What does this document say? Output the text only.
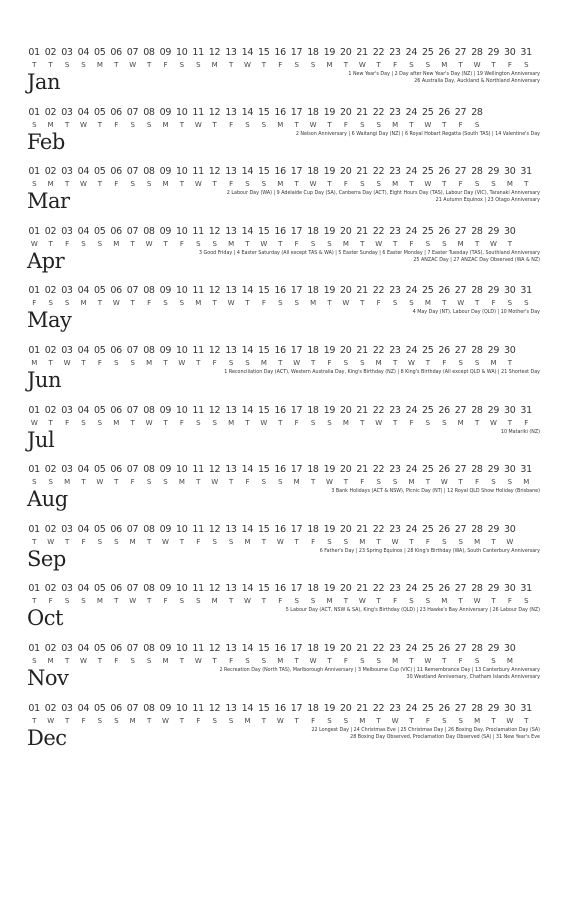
01 02 03 04 05 06 07 08 09 10 11 12 13 14 15 16 17 18 19 20 21 22 23 24 25 26 27 28 29 30 31
T	T	S	S	M	T	W	T	F	S	S	M	T	W	T	F	S	S	M	T	W	T	F	S	S	M	T	W	T	F	S
Jan	1 New Year's Day | 2 Day after New Year's Day (NZ) | 19 Wellington Anniversary
26 Australia Day, Auckland & Northland Anniversary
01 02 03 04 05 06 07 08 09 10 11 12 13 14 15 16 17 18 19 20 21 22 23 24 25 26 27 28
S	M	T	W	T	F	S	S	M	T	W	T	F	S	S	M	T	W	T	F	S	S	M	T	W	T	F	S
Feb	2 Nelson Anniversary | 6 Waitangi Day (NZ) | 6 Royal Hobart Regatta (South TAS) | 14 Valentine's Day
01 02 03 04 05 06 07 08 09 10 11 12 13 14 15 16 17 18 19 20 21 22 23 24 25 26 27 28 29 30 31
S	M	T	W	T	F	S	S	M	T	W	T	F	S	S	M	T	W	T	F	S	S	M	T	W	T	F	S	S	M	T
Mar	2 Labour Day (WA) | 9 Adelaide Cup Day (SA), Canberra Day (ACT), Eight Hours Day (TAS), Labour Day (VIC), Taranaki Anniversary
21 Autumn Equinox | 23 Otago Anniversary
01 02 03 04 05 06 07 08 09 10 11 12 13 14 15 16 17 18 19 20 21 22 23 24 25 26 27 28 29 30
W	T	F	S	S	M	T	W	T	F	S	S	M	T	W	T	F	S	S	M	T	W	T	F	S	S	M	T	W	T
Apr	3 Good Friday | 4 Easter Saturday (All except TAS & WA) | 5 Easter Sunday | 6 Easter Monday | 7 Easter Tuesday (TAS), Southland Anniversary
25 ANZAC Day | 27 ANZAC Day Observed (WA & NZ)
01 02 03 04 05 06 07 08 09 10 11 12 13 14 15 16 17 18 19 20 21 22 23 24 25 26 27 28 29 30 31
F	S	S	M	T	W	T	F	S	S	M	T	W	T	F	S	S	M	T	W	T	F	S	S	M	T	W	T	F	S	S
May	4 May Day (NT), Labour Day (QLD) | 10 Mother's Day
01 02 03 04 05 06 07 08 09 10 11 12 13 14 15 16 17 18 19 20 21 22 23 24 25 26 27 28 29 30
M	T	W	T	F	S	S	M	T	W	T	F	S	S	M	T	W	T	F	S	S	M	T	W	T	F	S	S	M	T
Jun	1 Reconciliation Day (ACT), Western Australia Day, King's Birthday (NZ) | 8 King's Birthday (All except QLD & WA) | 21 Shortest Day
01 02 03 04 05 06 07 08 09 10 11 12 13 14 15 16 17 18 19 20 21 22 23 24 25 26 27 28 29 30 31
W	T	F	S	S	M	T	W	T	F	S	S	M	T	W	T	F	S	S	M	T	W	T	F	S	S	M	T	W	T	F
Jul	10 Matariki (NZ)
01 02 03 04 05 06 07 08 09 10 11 12 13 14 15 16 17 18 19 20 21 22 23 24 25 26 27 28 29 30 31
S	S	M	T	W	T	F	S	S	M	T	W	T	F	S	S	M	T	W	T	F	S	S	M	T	W	T	F	S	S	M
Aug	3 Bank Holidays (ACT & NSW), Picnic Day (NT) | 12 Royal QLD Show Holiday (Brisbane)
01 02 03 04 05 06 07 08 09 10 11 12 13 14 15 16 17 18 19 20 21 22 23 24 25 26 27 28 29 30
T	W	T	F	S	S	M	T	W	T	F	S	S	M	T	W	T	F	S	S	M	T	W	T	F	S	S	M	T	W
Sep	6 Father's Day | 23 Spring Equinox | 28 King's Birthday (WA), South Canterbury Anniversary
01 02 03 04 05 06 07 08 09 10 11 12 13 14 15 16 17 18 19 20 21 22 23 24 25 26 27 28 29 30 31
T	F	S	S	M	T	W	T	F	S	S	M	T	W	T	F	S	S	M	T	W	T	F	S	S	M	T	W	T	F	S
Oct	5 Labour Day (ACT, NSW & SA), King's Birthday (QLD) | 23 Hawke's Bay Anniversary | 26 Labour Day (NZ)
01 02 03 04 05 06 07 08 09 10 11 12 13 14 15 16 17 18 19 20 21 22 23 24 25 26 27 28 29 30
S	M	T	W	T	F	S	S	M	T	W	T	F	S	S	M	T	W	T	F	S	S	M	T	W	T	F	S	S	M
Nov	2 Recreation Day (North TAS), Marlborough Anniversary | 3 Melbourne Cup (VIC) | 11 Remembrance Day | 13 Canterbury Anniversary
30 Westland Anniversary, Chatham Islands Anniversary
01 02 03 04 05 06 07 08 09 10 11 12 13 14 15 16 17 18 19 20 21 22 23 24 25 26 27 28 29 30 31
T	W	T	F	S	S	M	T	W	T	F	S	S	M	T	W	T	F	S	S	M	T	W	T	F	S	S	M	T	W	T
Dec	22 Longest Day | 24 Christmas Eve | 25 Christmas Day | 26 Boxing Day, Proclamation Day (SA)
28 Boxing Day Observed, Proclamation Day Observed (SA) | 31 New Year's Eve
